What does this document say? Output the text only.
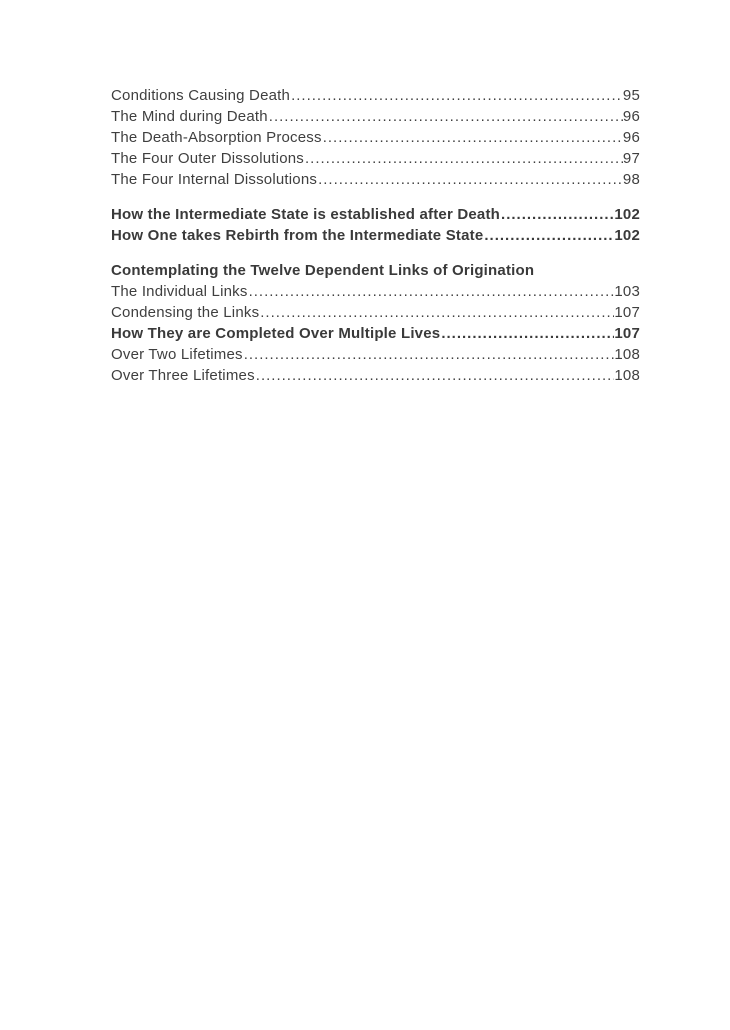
Conditions Causing Death .....	95
The Mind during Death .....	96
The Death-Absorption Process .....	96
The Four Outer Dissolutions .....	97
The Four Internal Dissolutions .....	98
How the Intermediate State is established after Death .....	102
How One takes Rebirth from the Intermediate State .....	102
Contemplating the Twelve Dependent Links of Origination
The Individual Links .....	103
Condensing the Links .....	107
How They are Completed Over Multiple Lives .....	107
Over Two Lifetimes .....	108
Over Three Lifetimes .....	108
